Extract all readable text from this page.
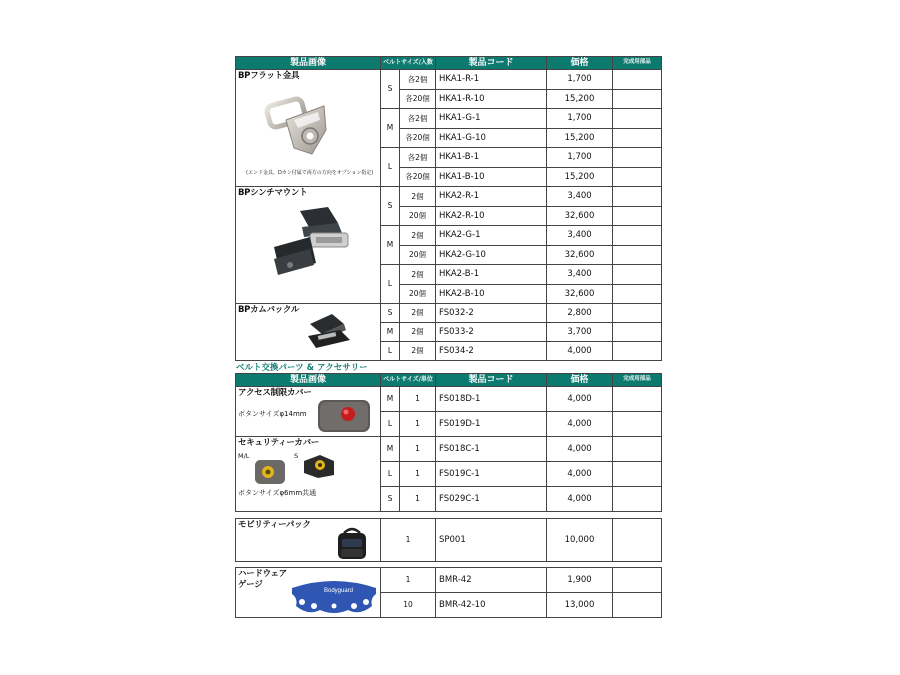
製品画像	ベルトサイズ/入数		製品コード	価格	完成用部品

BPフラット金具
(エンド金具、Dカン付属で両方の方向をオプション指定)	S	各2個	HKA1-R-1	1,700	
		各20個	HKA1-R-10	15,200	
	M	各2個	HKA1-G-1	1,700	
		各20個	HKA1-G-10	15,200	
	L	各2個	HKA1-B-1	1,700	
		各20個	HKA1-B-10	15,200	

BPシンチマウント	S	2個	HKA2-R-1	3,400	
		20個	HKA2-R-10	32,600	
	M	2個	HKA2-G-1	3,400	
		20個	HKA2-G-10	32,600	
	L	2個	HKA2-B-1	3,400	
		20個	HKA2-B-10	32,600	

BPカムバックル	S	2個	FS032-2	2,800	
	M	2個	FS033-2	3,700	
	L	2個	FS034-2	4,000	
ベルト交換パーツ & アクセサリー
製品画像	ベルトサイズ/単位		製品コード	価格	完成用部品

アクセス制限カバー
ボタンサイズφ14mm	M	1	FS018D-1	4,000	
	L	1	FS019D-1	4,000	

セキュリティーカバー
M/L S
ボタンサイズφ6mm共通	M	1	FS018C-1	4,000	
	L	1	FS019C-1	4,000	
	S	1	FS029C-1	4,000	
モビリティーパック
	1	SP001	10,000	
ハードウェア
ゲージ
Bodyguard	1	BMR-42	1,900	
	10	BMR-42-10	13,000	
